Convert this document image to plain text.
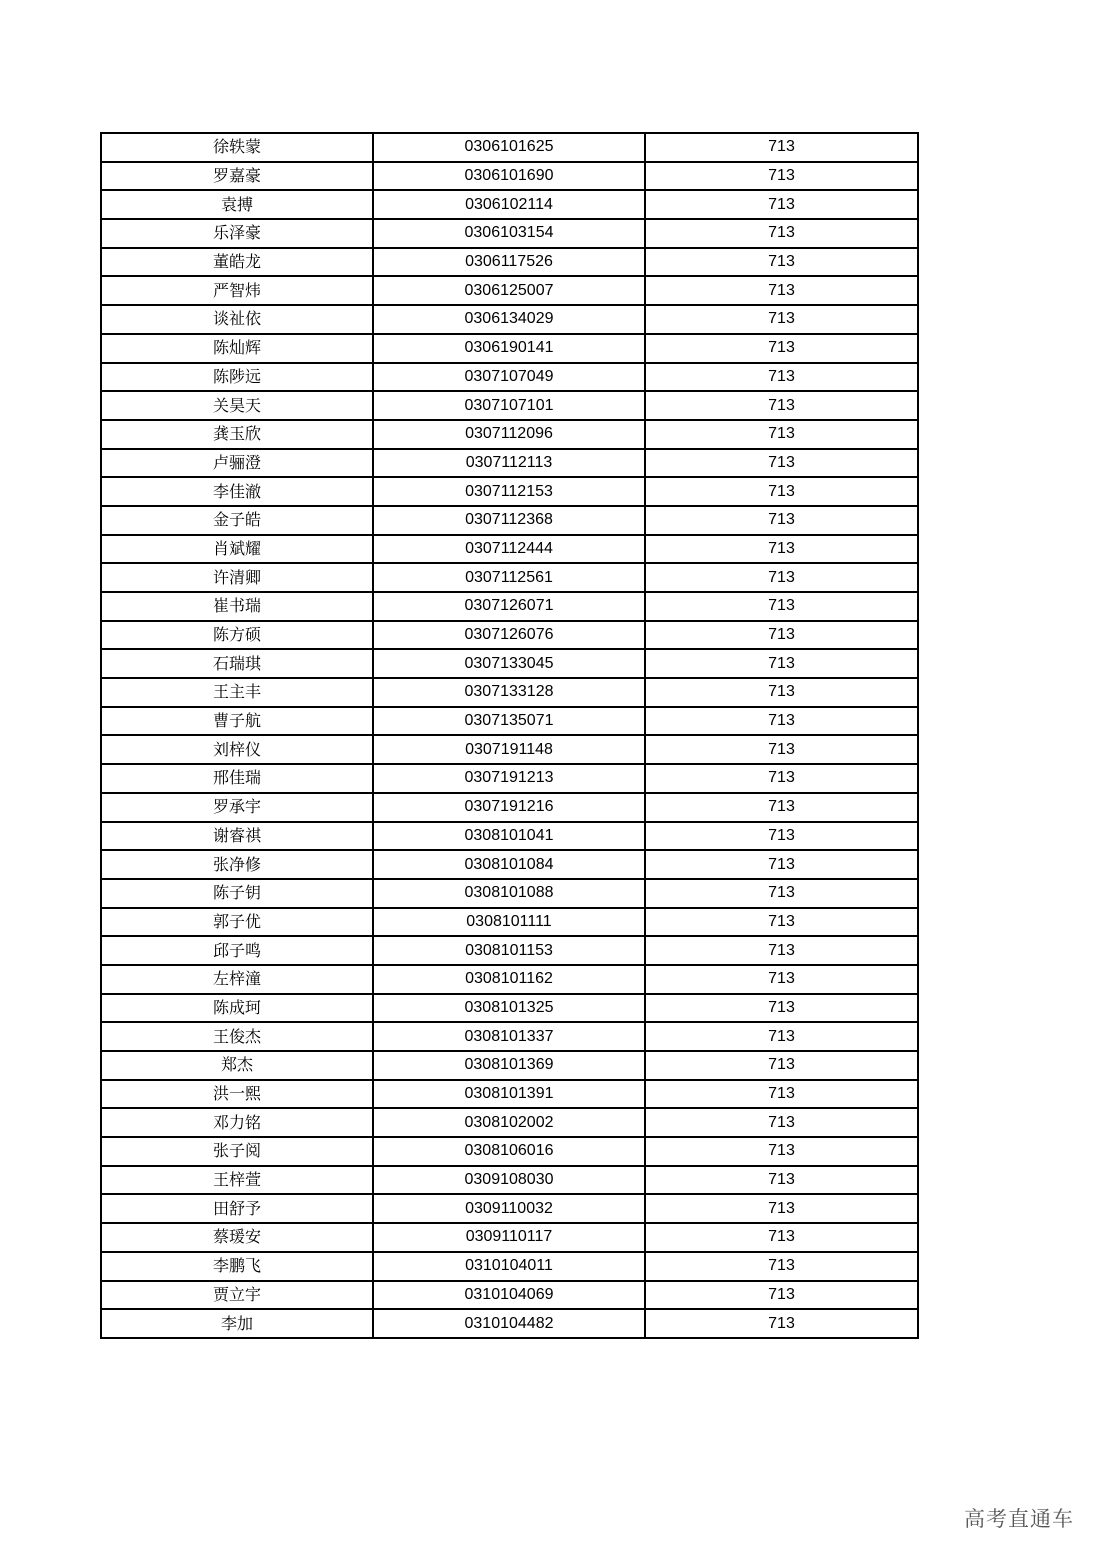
徐轶蒙	0306101625	713
罗嘉豪	0306101690	713
袁搏	0306102114	713
乐泽豪	0306103154	713
董皓龙	0306117526	713
严智炜	0306125007	713
谈祉依	0306134029	713
陈灿辉	0306190141	713
陈陟远	0307107049	713
关昊天	0307107101	713
龚玉欣	0307112096	713
卢骊澄	0307112113	713
李佳澈	0307112153	713
金子皓	0307112368	713
肖斌耀	0307112444	713
许清卿	0307112561	713
崔书瑞	0307126071	713
陈方硕	0307126076	713
石瑞琪	0307133045	713
王主丰	0307133128	713
曹子航	0307135071	713
刘梓仪	0307191148	713
邢佳瑞	0307191213	713
罗承宇	0307191216	713
谢睿祺	0308101041	713
张净修	0308101084	713
陈子钥	0308101088	713
郭子优	0308101111	713
邱子鸣	0308101153	713
左梓潼	0308101162	713
陈成珂	0308101325	713
王俊杰	0308101337	713
郑杰	0308101369	713
洪一熙	0308101391	713
邓力铭	0308102002	713
张子阅	0308106016	713
王梓萱	0309108030	713
田舒予	0309110032	713
蔡瑗安	0309110117	713
李鹏飞	0310104011	713
贾立宇	0310104069	713
李加	0310104482	713
高考直通车
